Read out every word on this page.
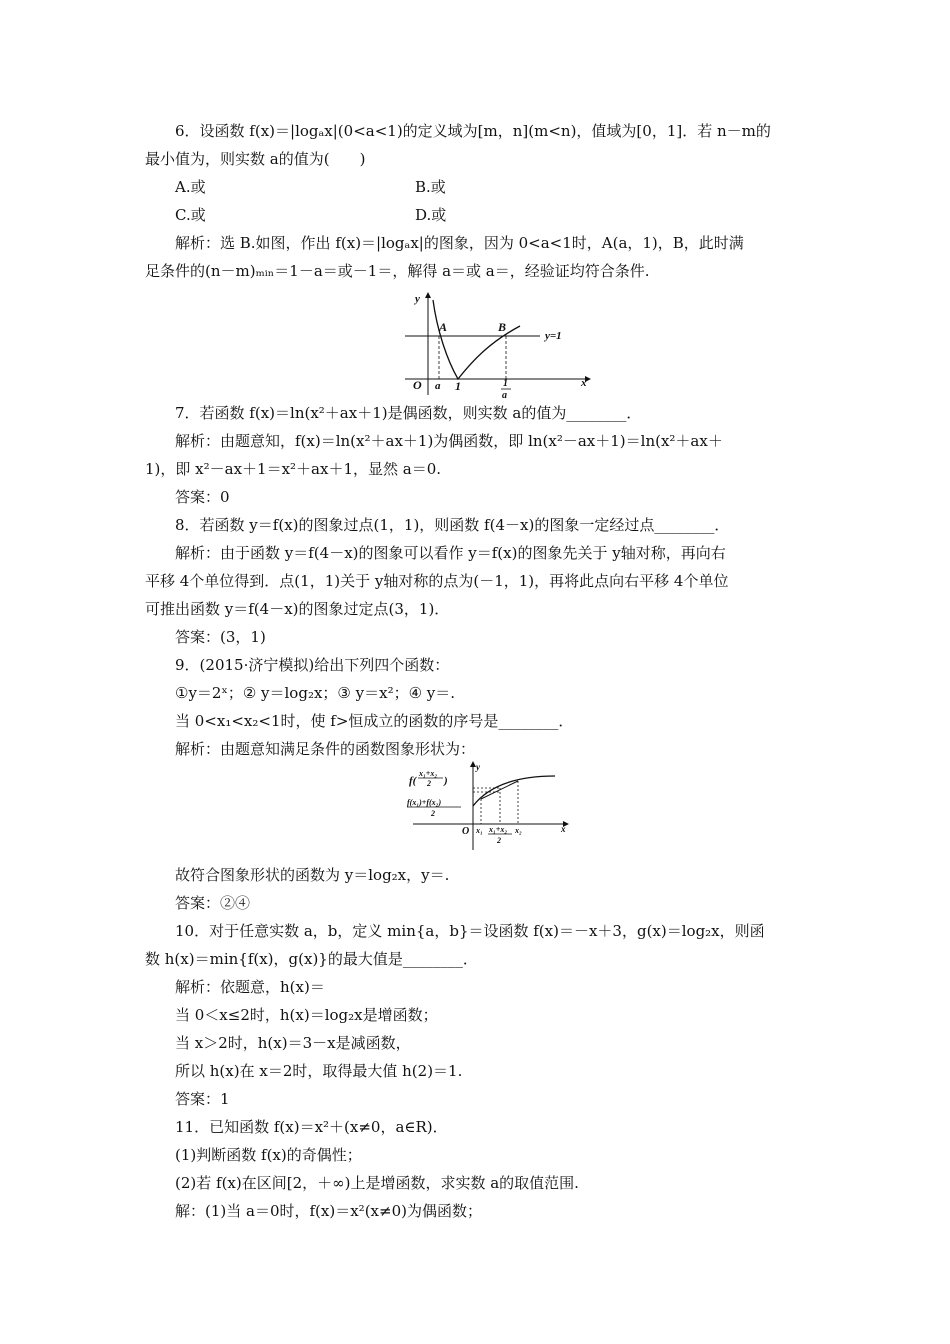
6．设函数 f(x)＝|logₐx|(0<a<1)的定义域为[m，n](m<n)，值域为[0，1]．若 n－m的
最小值为，则实数 a的值为(　　)
A.或	B.或
C.或	D.或
解析：选 B.如图，作出 f(x)＝|logₐx|的图象，因为 0<a<1时，A(a，1)，B，此时满
足条件的(n－m)ₘᵢₙ＝1－a＝或－1＝，解得 a＝或 a＝，经验证均符合条件.
y
A	B
y=1
O a 1	1
a
x
7．若函数 f(x)＝ln(x²＋ax＋1)是偶函数，则实数 a的值为________．
解析：由题意知，f(x)＝ln(x²＋ax＋1)为偶函数，即 ln(x²－ax＋1)＝ln(x²＋ax＋
1)，即 x²－ax＋1＝x²＋ax＋1，显然 a＝0.
答案：0
8．若函数 y＝f(x)的图象过点(1，1)，则函数 f(4－x)的图象一定经过点________．
解析：由于函数 y＝f(4－x)的图象可以看作 y＝f(x)的图象先关于 y轴对称，再向右
平移 4个单位得到．点(1，1)关于 y轴对称的点为(－1，1)，再将此点向右平移 4个单位
可推出函数 y＝f(4－x)的图象过定点(3，1)．
答案：(3，1)
9．(2015·济宁模拟)给出下列四个函数：
①y＝2ˣ；② y＝log₂x；③ y＝x²；④ y＝.
当 0<x₁<x₂<1时，使 f>恒成立的函数的序号是________．
解析：由题意知满足条件的函数图象形状为：
y
f(
x₁+x₂
2 )
f(x₁)+f(x₂)
2
O x₁ x₁+x₂
2
x₂	x
故符合图象形状的函数为 y＝log₂x，y＝.
答案：②④
10．对于任意实数 a，b，定义 min{a，b}＝设函数 f(x)＝－x＋3，g(x)＝log₂x，则函
数 h(x)＝min{f(x)，g(x)}的最大值是________．
解析：依题意，h(x)＝
当 0＜x≤2时，h(x)＝log₂x是增函数；
当 x＞2时，h(x)＝3－x是减函数，
所以 h(x)在 x＝2时，取得最大值 h(2)＝1.
答案：1
11．已知函数 f(x)＝x²＋(x≠0，a∈R)．
(1)判断函数 f(x)的奇偶性；
(2)若 f(x)在区间[2，＋∞)上是增函数，求实数 a的取值范围.
解：(1)当 a＝0时，f(x)＝x²(x≠0)为偶函数；
